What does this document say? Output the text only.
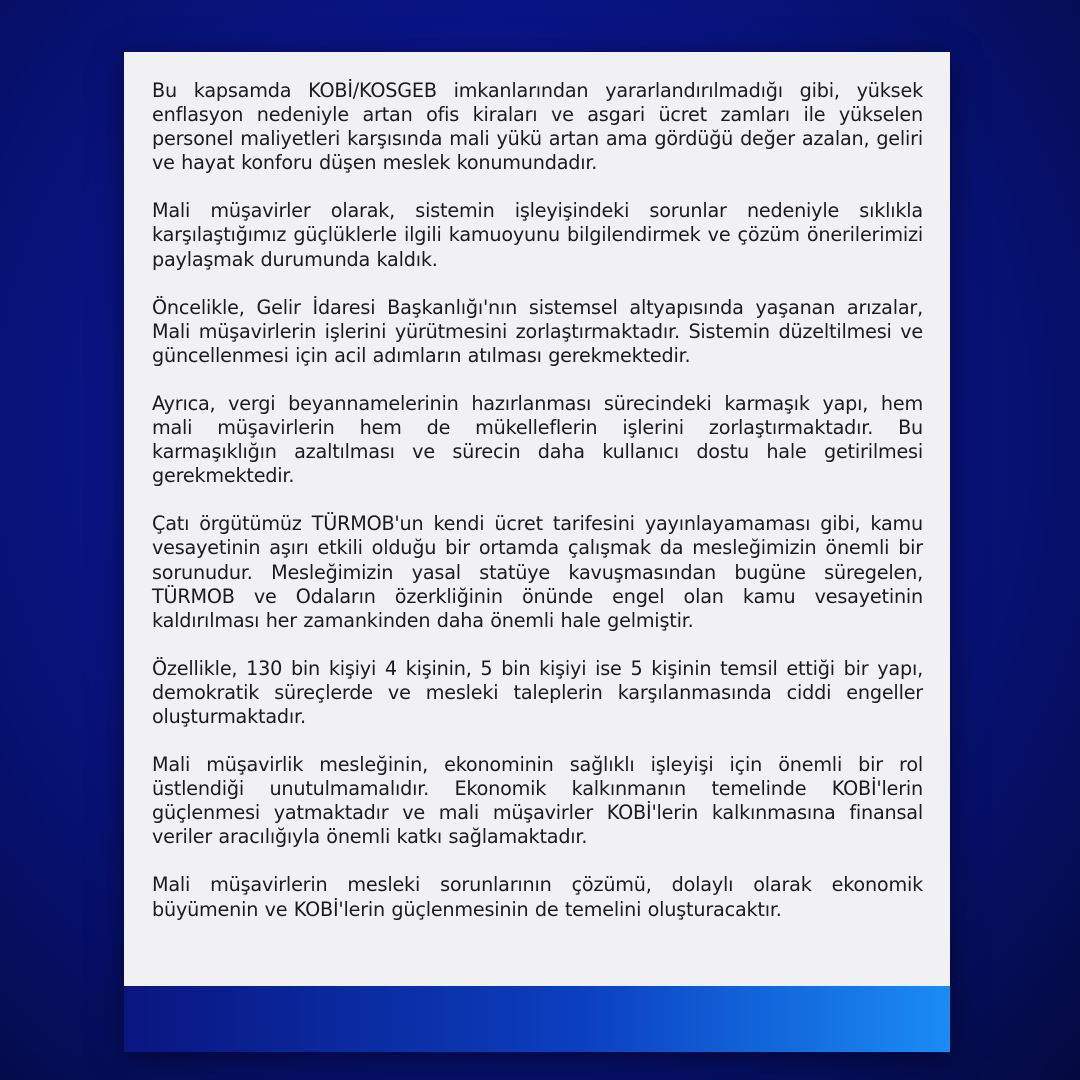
Bu kapsamda KOBİ/KOSGEB imkanlarından yararlandırılmadığı gibi, yüksek enflasyon nedeniyle artan ofis kiraları ve asgari ücret zamları ile yükselen personel maliyetleri karşısında mali yükü artan ama gördüğü değer azalan, geliri ve hayat konforu düşen meslek konumundadır.

Mali müşavirler olarak, sistemin işleyişindeki sorunlar nedeniyle sıklıkla karşılaştığımız güçlüklerle ilgili kamuoyunu bilgilendirmek ve çözüm önerilerimizi paylaşmak durumunda kaldık.

Öncelikle, Gelir İdaresi Başkanlığı'nın sistemsel altyapısında yaşanan arızalar, Mali müşavirlerin işlerini yürütmesini zorlaştırmaktadır. Sistemin düzeltilmesi ve güncellenmesi için acil adımların atılması gerekmektedir.

Ayrıca, vergi beyannamelerinin hazırlanması sürecindeki karmaşık yapı, hem mali müşavirlerin hem de mükelleflerin işlerini zorlaştırmaktadır. Bu karmaşıklığın azaltılması ve sürecin daha kullanıcı dostu hale getirilmesi gerekmektedir.

Çatı örgütümüz TÜRMOB'un kendi ücret tarifesini yayınlayamaması gibi, kamu vesayetinin aşırı etkili olduğu bir ortamda çalışmak da mesleğimizin önemli bir sorunudur. Mesleğimizin yasal statüye kavuşmasından bugüne süregelen, TÜRMOB ve Odaların özerkliğinin önünde engel olan kamu vesayetinin kaldırılması her zamankinden daha önemli hale gelmiştir.

Özellikle, 130 bin kişiyi 4 kişinin, 5 bin kişiyi ise 5 kişinin temsil ettiği bir yapı, demokratik süreçlerde ve mesleki taleplerin karşılanmasında ciddi engeller oluşturmaktadır.

Mali müşavirlik mesleğinin, ekonominin sağlıklı işleyişi için önemli bir rol üstlendiği unutulmamalıdır. Ekonomik kalkınmanın temelinde KOBİ'lerin güçlenmesi yatmaktadır ve mali müşavirler KOBİ'lerin kalkınmasına finansal veriler aracılığıyla önemli katkı sağlamaktadır.

Mali müşavirlerin mesleki sorunlarının çözümü, dolaylı olarak ekonomik büyümenin ve KOBİ'lerin güçlenmesinin de temelini oluşturacaktır.
